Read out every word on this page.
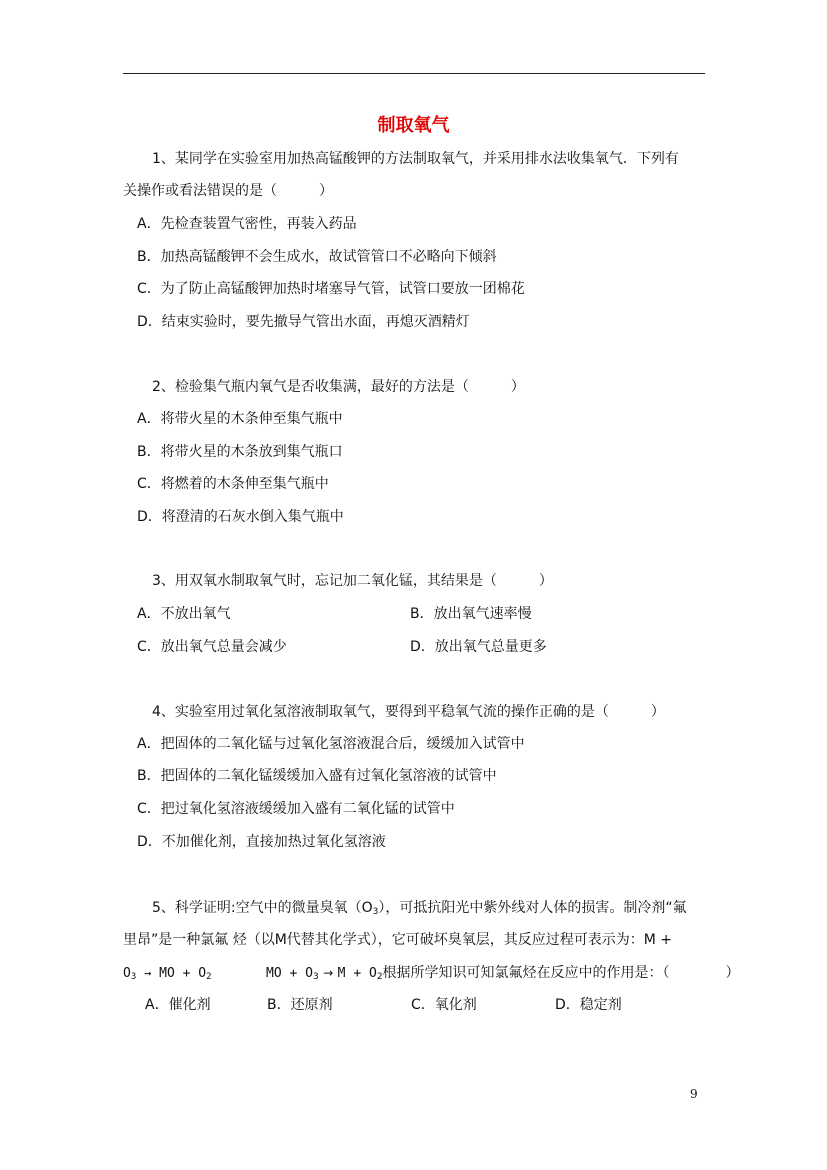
制取氧气
1、某同学在实验室用加热高锰酸钾的方法制取氧气，并采用排水法收集氧气．下列有
关操作或看法错误的是（　　　）
A．先检查装置气密性，再装入药品
B．加热高锰酸钾不会生成水，故试管管口不必略向下倾斜
C．为了防止高锰酸钾加热时堵塞导气管，试管口要放一团棉花
D．结束实验时，要先撤导气管出水面，再熄灭酒精灯
2、检验集气瓶内氧气是否收集满，最好的方法是（　　　）
A．将带火星的木条伸至集气瓶中
B．将带火星的木条放到集气瓶口
C．将燃着的木条伸至集气瓶中
D．将澄清的石灰水倒入集气瓶中
3、用双氧水制取氧气时，忘记加二氧化锰，其结果是（　　　）
A．不放出氧气	B．放出氧气速率慢
C．放出氧气总量会减少	D．放出氧气总量更多
4、实验室用过氧化氢溶液制取氧气，要得到平稳氧气流的操作正确的是（　　　）
A．把固体的二氧化锰与过氧化氢溶液混合后，缓缓加入试管中
B．把固体的二氧化锰缓缓加入盛有过氧化氢溶液的试管中
C．把过氧化氢溶液缓缓加入盛有二氧化锰的试管中
D．不加催化剂，直接加热过氧化氢溶液
5、科学证明:空气中的微量臭氧$(O_3)$，可抵抗阳光中紫外线对人体的损害。制冷剂“氟
里昂”是一种氯氟 烃（以M代替其化学式），它可破坏臭氧层，其反应过程可表示为：M +
$O_3$ → MO + $O_2$	MO + $O_3 \to M + O_2$根据所学知识可知氯氟烃在反应中的作用是：（　　　　）
A．催化剂	B．还原剂	C．氧化剂	D．稳定剂
9
